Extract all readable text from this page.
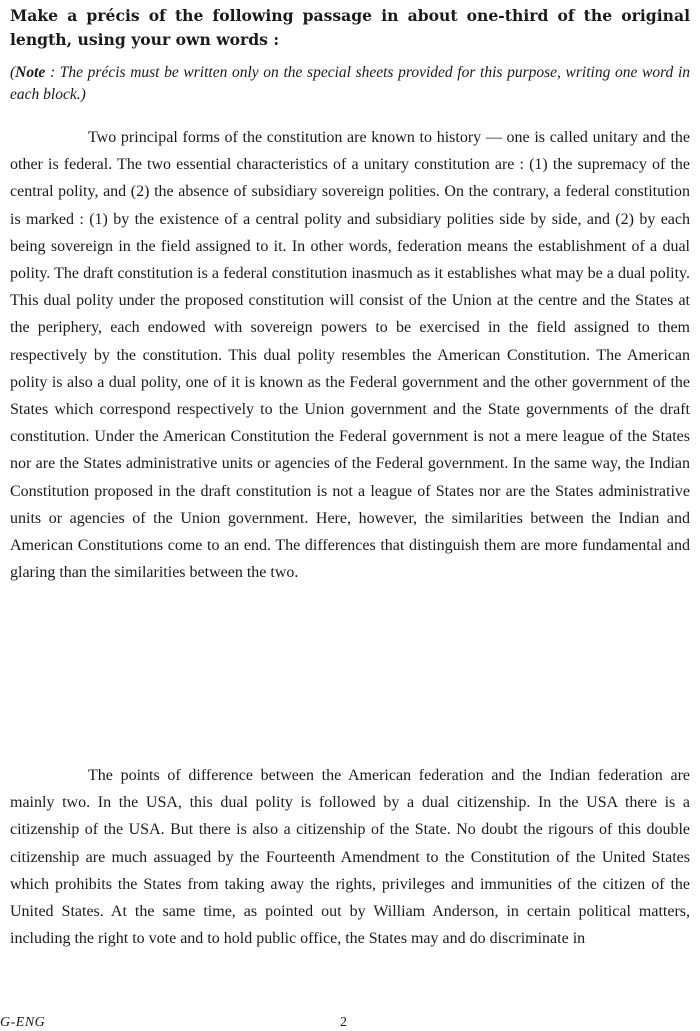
Make a précis of the following passage in about one-third of the original length, using your own words :

(Note : The précis must be written only on the special sheets provided for this purpose, writing one word in each block.)

Two principal forms of the constitution are known to history — one is called unitary and the other is federal. The two essential characteristics of a unitary constitution are : (1) the supremacy of the central polity, and (2) the absence of subsidiary sovereign polities. On the contrary, a federal constitution is marked : (1) by the existence of a central polity and subsidiary polities side by side, and (2) by each being sovereign in the field assigned to it. In other words, federation means the establishment of a dual polity. The draft constitution is a federal constitution inasmuch as it establishes what may be a dual polity. This dual polity under the proposed constitution will consist of the Union at the centre and the States at the periphery, each endowed with sovereign powers to be exercised in the field assigned to them respectively by the constitution. This dual polity resembles the American Constitution. The American polity is also a dual polity, one of it is known as the Federal government and the other government of the States which correspond respectively to the Union government and the State governments of the draft constitution. Under the American Constitution the Federal government is not a mere league of the States nor are the States administrative units or agencies of the Federal government. In the same way, the Indian Constitution proposed in the draft constitution is not a league of States nor are the States administrative units or agencies of the Union government. Here, however, the similarities between the Indian and American Constitutions come to an end. The differences that distinguish them are more fundamental and glaring than the similarities between the two.

The points of difference between the American federation and the Indian federation are mainly two. In the USA, this dual polity is followed by a dual citizenship. In the USA there is a citizenship of the USA. But there is also a citizenship of the State. No doubt the rigours of this double citizenship are much assuaged by the Fourteenth Amendment to the Constitution of the United States which prohibits the States from taking away the rights, privileges and immunities of the citizen of the United States. At the same time, as pointed out by William Anderson, in certain political matters, including the right to vote and to hold public office, the States may and do discriminate in

G-ENG	2
